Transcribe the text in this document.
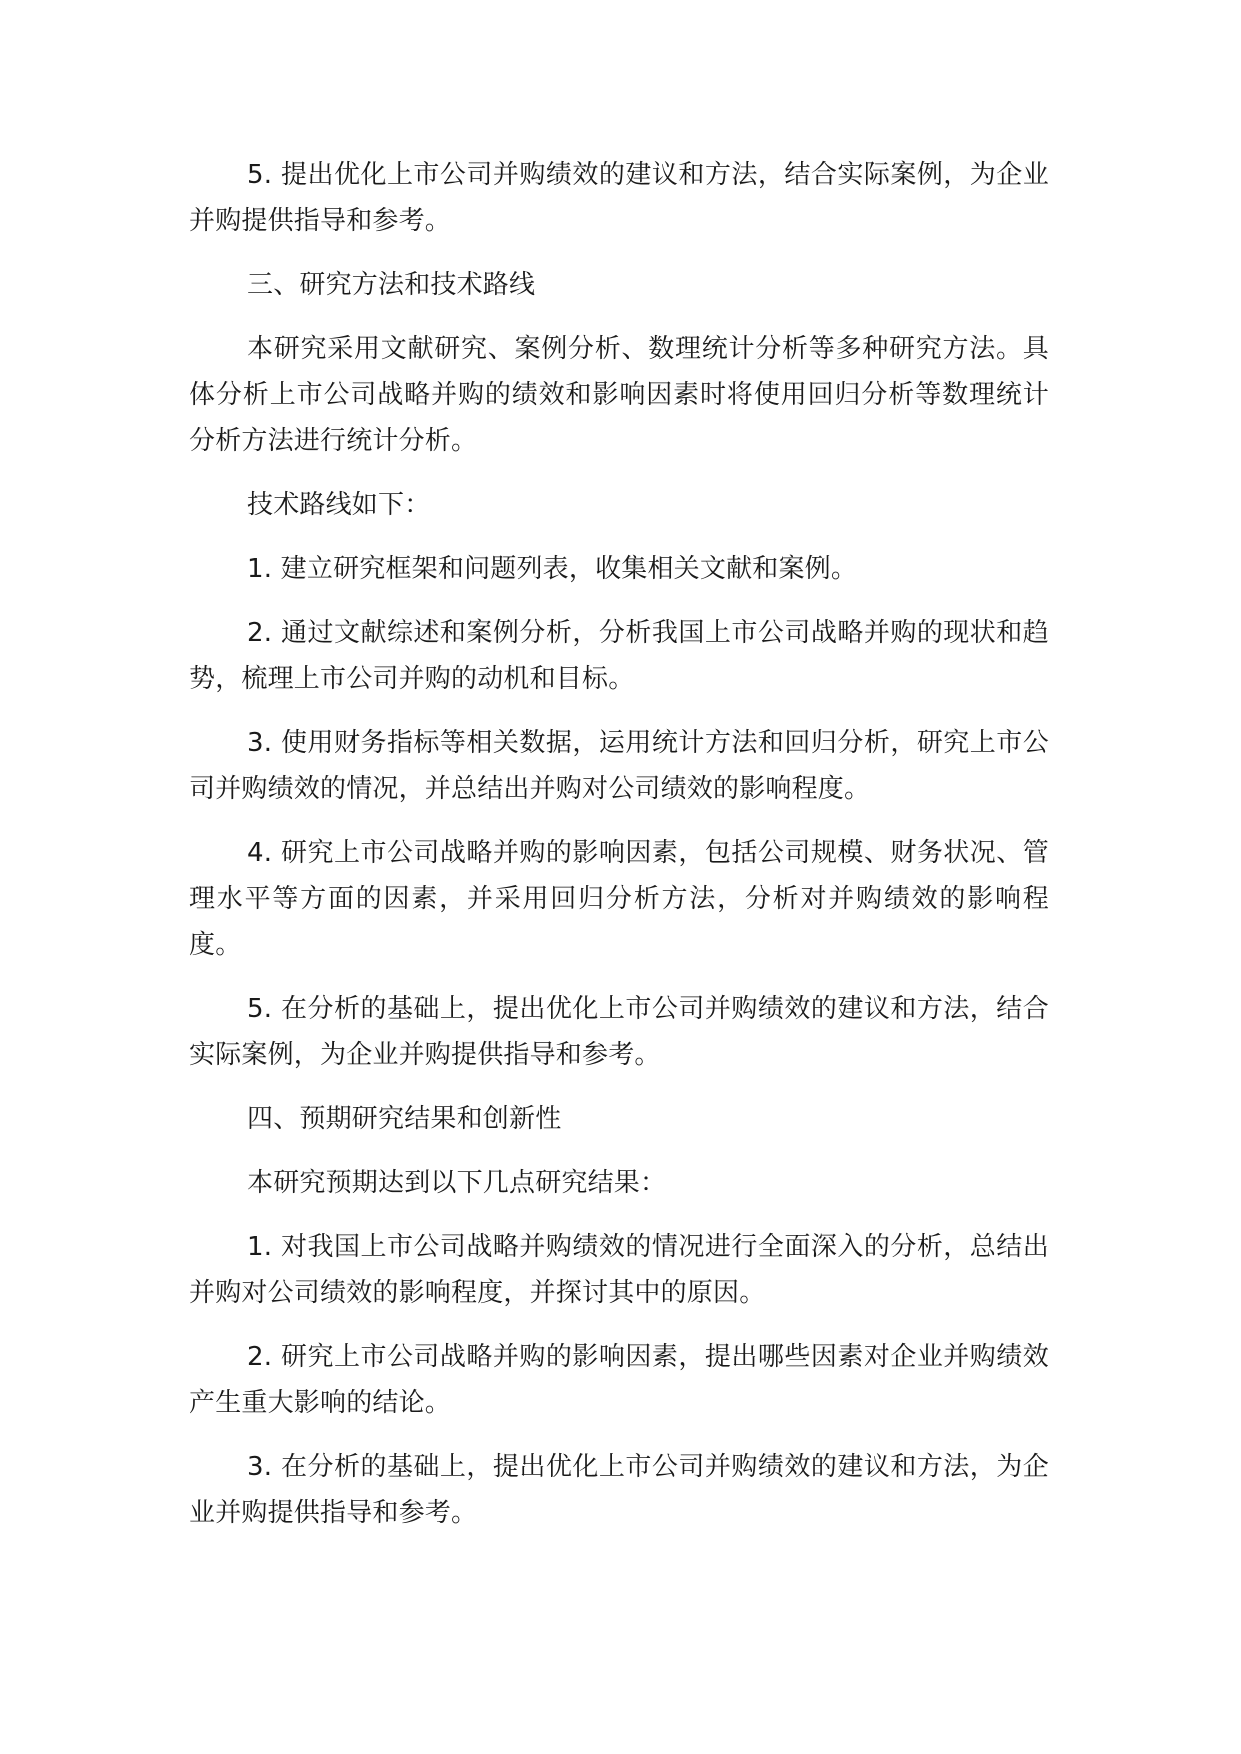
5. 提出优化上市公司并购绩效的建议和方法，结合实际案例，为企业并购提供指导和参考。

三、研究方法和技术路线

本研究采用文献研究、案例分析、数理统计分析等多种研究方法。具体分析上市公司战略并购的绩效和影响因素时将使用回归分析等数理统计分析方法进行统计分析。

技术路线如下：

1. 建立研究框架和问题列表，收集相关文献和案例。

2. 通过文献综述和案例分析，分析我国上市公司战略并购的现状和趋势，梳理上市公司并购的动机和目标。

3. 使用财务指标等相关数据，运用统计方法和回归分析，研究上市公司并购绩效的情况，并总结出并购对公司绩效的影响程度。

4. 研究上市公司战略并购的影响因素，包括公司规模、财务状况、管理水平等方面的因素，并采用回归分析方法，分析对并购绩效的影响程度。

5. 在分析的基础上，提出优化上市公司并购绩效的建议和方法，结合实际案例，为企业并购提供指导和参考。

四、预期研究结果和创新性

本研究预期达到以下几点研究结果：

1. 对我国上市公司战略并购绩效的情况进行全面深入的分析，总结出并购对公司绩效的影响程度，并探讨其中的原因。

2. 研究上市公司战略并购的影响因素，提出哪些因素对企业并购绩效产生重大影响的结论。

3. 在分析的基础上，提出优化上市公司并购绩效的建议和方法，为企业并购提供指导和参考。
